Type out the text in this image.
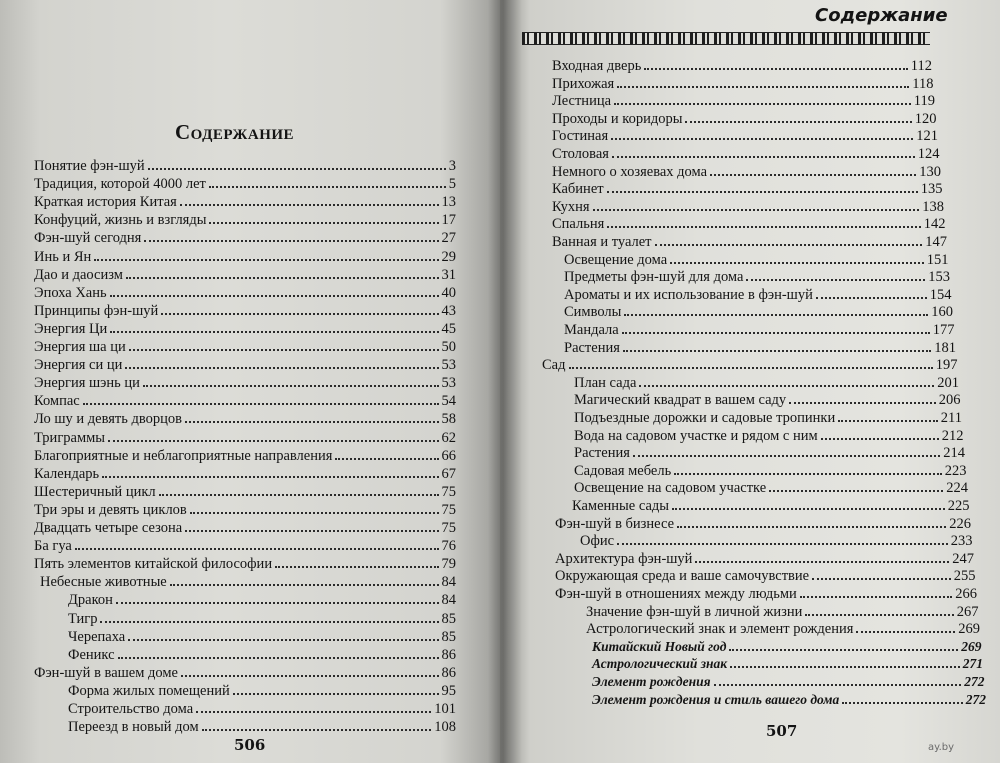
Содержание
Понятие фэн-шуй	3
Традиция, которой 4000 лет	5
Краткая история Китая	13
Конфуций, жизнь и взгляды	17
Фэн-шуй сегодня	27
Инь и Ян	29
Дао и даосизм	31
Эпоха Хань	40
Принципы фэн-шуй	43
Энергия Ци	45
Энергия ша ци	50
Энергия си ци	53
Энергия шэнь ци	53
Компас	54
Ло шу и девять дворцов	58
Триграммы	62
Благоприятные и неблагоприятные направления	66
Календарь	67
Шестеричный цикл	75
Три эры и девять циклов	75
Двадцать четыре сезона	75
Ба гуа	76
Пять элементов китайской философии	79
Небесные животные	84
Дракон	84
Тигр	85
Черепаха	85
Феникс	86
Фэн-шуй в вашем доме	86
Форма жилых помещений	95
Строительство дома	101
Переезд в новый дом	108
506
Входная дверь	112
Прихожая	118
Лестница	119
Проходы и коридоры	120
Гостиная	121
Столовая	124
Немного о хозяевах дома	130
Кабинет	135
Кухня	138
Спальня	142
Ванная и туалет	147
Освещение дома	151
Предметы фэн-шуй для дома	153
Ароматы и их использование в фэн-шуй	154
Символы	160
Мандала	177
Растения	181
Сад	197
План сада	201
Магический квадрат в вашем саду	206
Подъездные дорожки и садовые тропинки	211
Вода на садовом участке и рядом с ним	212
Растения	214
Садовая мебель	223
Освещение на садовом участке	224
Каменные сады	225
Фэн-шуй в бизнесе	226
Офис	233
Архитектура фэн-шуй	247
Окружающая среда и ваше самочувствие	255
Фэн-шуй в отношениях между людьми	266
Значение фэн-шуй в личной жизни	267
Астрологический знак и элемент рождения	269
Китайский Новый год	269
Астрологический знак	271
Элемент рождения	272
Элемент рождения и стиль вашего дома	272
Содержание
507
ay.by
